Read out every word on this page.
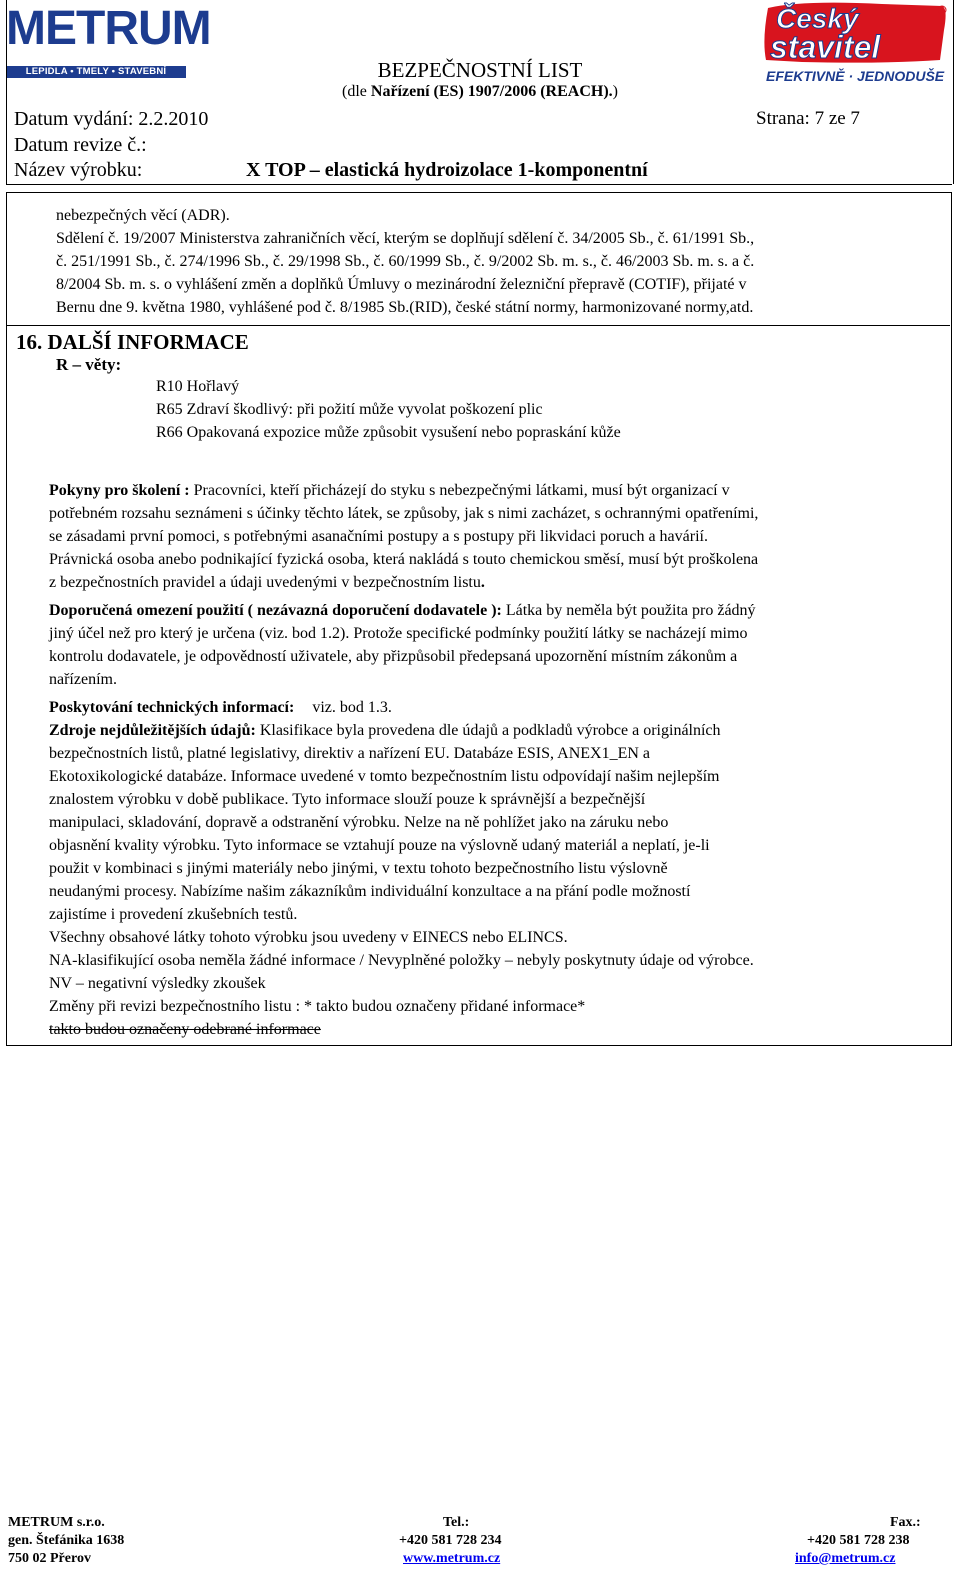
METRUM
LEPIDLA • TMELY • STAVEBNÍ CHEMIE
Český
stavitel
EFEKTIVNĚ · JEDNODUŠE
BEZPEČNOSTNÍ LIST
(dle Nařízení (ES) 1907/2006 (REACH).)
Datum vydání: 2.2.2010	Strana: 7 ze 7
Datum revize č.:
Název výrobku:	X TOP – elastická hydroizolace 1-komponentní
nebezpečných věcí (ADR).
Sdělení č. 19/2007 Ministerstva zahraničních věcí, kterým se doplňují sdělení č. 34/2005 Sb., č. 61/1991 Sb.,
č. 251/1991 Sb., č. 274/1996 Sb., č. 29/1998 Sb., č. 60/1999 Sb., č. 9/2002 Sb. m. s., č. 46/2003 Sb. m. s. a č.
8/2004 Sb. m. s. o vyhlášení změn a doplňků Úmluvy o mezinárodní železniční přepravě (COTIF), přijaté v
Bernu dne 9. května 1980, vyhlášené pod č. 8/1985 Sb.(RID), české státní normy, harmonizované normy,atd.
16. DALŠÍ INFORMACE
R – věty:
R10 Hořlavý
R65 Zdraví škodlivý: při požití může vyvolat poškození plic
R66 Opakovaná expozice může způsobit vysušení nebo popraskání kůže
Pokyny pro školení : Pracovníci, kteří přicházejí do styku s nebezpečnými látkami, musí být organizací v
potřebném rozsahu seznámeni s účinky těchto látek, se způsoby, jak s nimi zacházet, s ochrannými opatřeními,
se zásadami první pomoci, s potřebnými asanačními postupy a s postupy při likvidaci poruch a havárií.
Právnická osoba anebo podnikající fyzická osoba, která nakládá s touto chemickou směsí, musí být proškolena
z bezpečnostních pravidel a údaji uvedenými v bezpečnostním listu.
Doporučená omezení použití ( nezávazná doporučení dodavatele ): Látka by neměla být použita pro žádný
jiný účel než pro který je určena (viz. bod 1.2). Protože specifické podmínky použití látky se nacházejí mimo
kontrolu dodavatele, je odpovědností uživatele, aby přizpůsobil předepsaná upozornění místním zákonům a
nařízením.
Poskytování technických informací: viz. bod 1.3.
Zdroje nejdůležitějších údajů: Klasifikace byla provedena dle údajů a podkladů výrobce a originálních
bezpečnostních listů, platné legislativy, direktiv a nařízení EU. Databáze ESIS, ANEX1_EN a
Ekotoxikologické databáze. Informace uvedené v tomto bezpečnostním listu odpovídají našim nejlepším
znalostem výrobku v době publikace. Tyto informace slouží pouze k správnější a bezpečnější
manipulaci, skladování, dopravě a odstranění výrobku. Nelze na ně pohlížet jako na záruku nebo
objasnění kvality výrobku. Tyto informace se vztahují pouze na výslovně udaný materiál a neplatí, je-li
použit v kombinaci s jinými materiály nebo jinými, v textu tohoto bezpečnostního listu výslovně
neudanými procesy. Nabízíme našim zákazníkům individuální konzultace a na přání podle možností
zajistíme i provedení zkušebních testů.
Všechny obsahové látky tohoto výrobku jsou uvedeny v EINECS nebo ELINCS.
NA-klasifikující osoba neměla žádné informace / Nevyplněné položky – nebyly poskytnuty údaje od výrobce.
NV – negativní výsledky zkoušek
Změny při revizi bezpečnostního listu : * takto budou označeny přidané informace*
takto budou označeny odebrané informace
METRUM s.r.o.
gen. Štefánika 1638
750 02 Přerov
Tel.:
+420 581 728 234
www.metrum.cz
Fax.:
+420 581 728 238
info@metrum.cz
